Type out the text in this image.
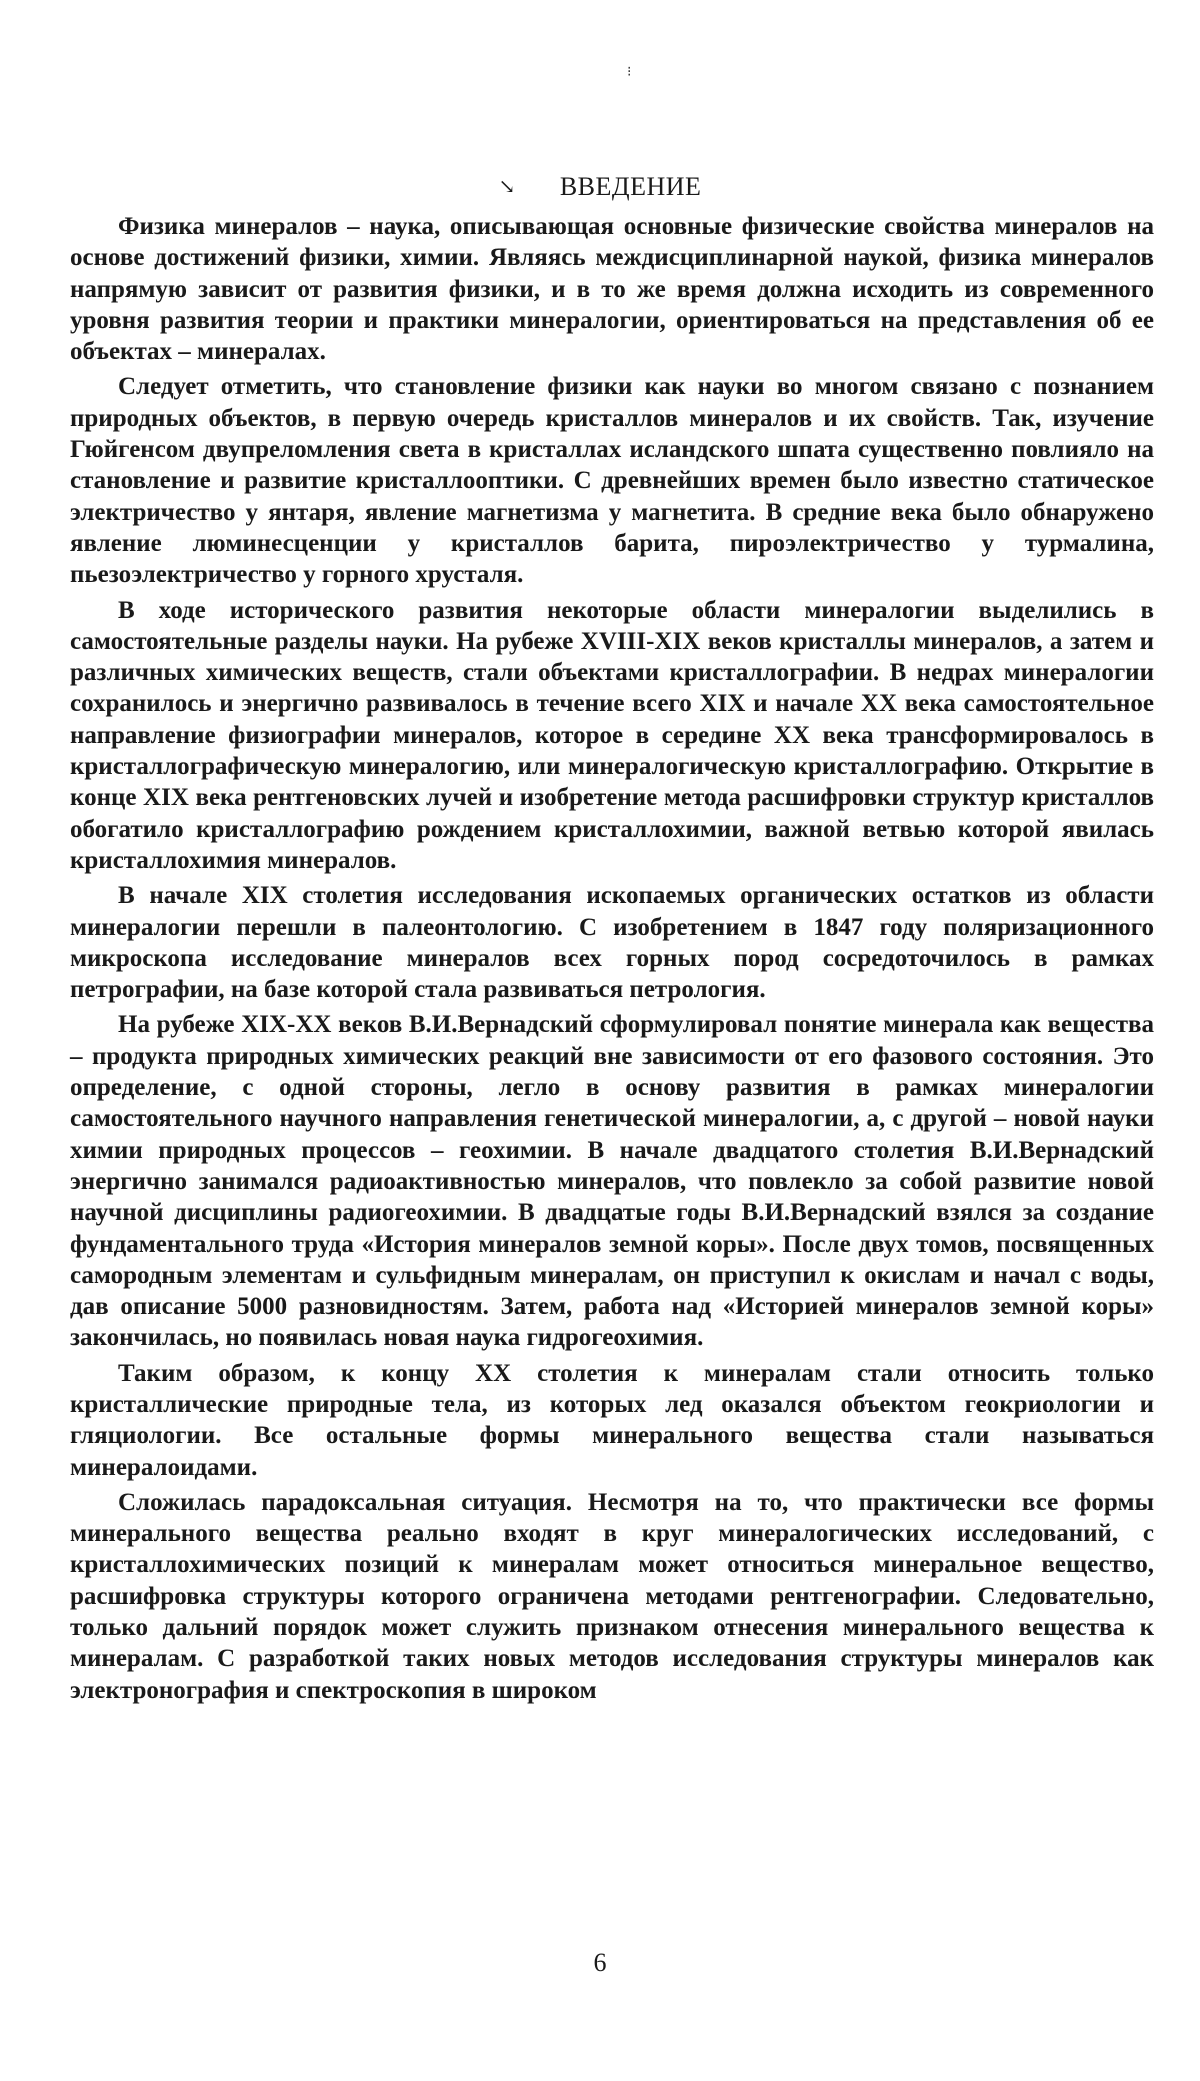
⁝
↘ ВВЕДЕНИЕ

Физика минералов – наука, описывающая основные физические свойства минералов на основе достижений физики, химии. Являясь междисциплинарной наукой, физика минералов напрямую зависит от развития физики, и в то же время должна исходить из современного уровня развития теории и практики минералогии, ориентироваться на представления об ее объектах – минералах.

Следует отметить, что становление физики как науки во многом связано с познанием природных объектов, в первую очередь кристаллов минералов и их свойств. Так, изучение Гюйгенсом двупреломления света в кристаллах исландского шпата существенно повлияло на становление и развитие кристаллооптики. С древнейших времен было известно статическое электричество у янтаря, явление магнетизма у магнетита. В средние века было обнаружено явление люминесценции у кристаллов барита, пироэлектричество у турмалина, пьезоэлектричество у горного хрусталя.

В ходе исторического развития некоторые области минералогии выделились в самостоятельные разделы науки. На рубеже XVIII-XIX веков кристаллы минералов, а затем и различных химических веществ, стали объектами кристаллографии. В недрах минералогии сохранилось и энергично развивалось в течение всего XIX и начале XX века самостоятельное направление физиографии минералов, которое в середине XX века трансформировалось в кристаллографическую минералогию, или минералогическую кристаллографию. Открытие в конце XIX века рентгеновских лучей и изобретение метода расшифровки структур кристаллов обогатило кристаллографию рождением кристаллохимии, важной ветвью которой явилась кристаллохимия минералов.

В начале XIX столетия исследования ископаемых органических остатков из области минералогии перешли в палеонтологию. С изобретением в 1847 году поляризационного микроскопа исследование минералов всех горных пород сосредоточилось в рамках петрографии, на базе которой стала развиваться петрология.

На рубеже XIX-XX веков В.И.Вернадский сформулировал понятие минерала как вещества – продукта природных химических реакций вне зависимости от его фазового состояния. Это определение, с одной стороны, легло в основу развития в рамках минералогии самостоятельного научного направления генетической минералогии, а, с другой – новой науки химии природных процессов – геохимии. В начале двадцатого столетия В.И.Вернадский энергично занимался радиоактивностью минералов, что повлекло за собой развитие новой научной дисциплины радиогеохимии. В двадцатые годы В.И.Вернадский взялся за создание фундаментального труда «История минералов земной коры». После двух томов, посвященных самородным элементам и сульфидным минералам, он приступил к окислам и начал с воды, дав описание 5000 разновидностям. Затем, работа над «Историей минералов земной коры» закончилась, но появилась новая наука гидрогеохимия.

Таким образом, к концу XX столетия к минералам стали относить только кристаллические природные тела, из которых лед оказался объектом геокриологии и гляциологии. Все остальные формы минерального вещества стали называться минералоидами.

Сложилась парадоксальная ситуация. Несмотря на то, что практически все формы минерального вещества реально входят в круг минералогических исследований, с кристаллохимических позиций к минералам может относиться минеральное вещество, расшифровка структуры которого ограничена методами рентгенографии. Следовательно, только дальний порядок может служить признаком отнесения минерального вещества к минералам. С разработкой таких новых методов исследования структуры минералов как электронография и спектроскопия в широком

6
